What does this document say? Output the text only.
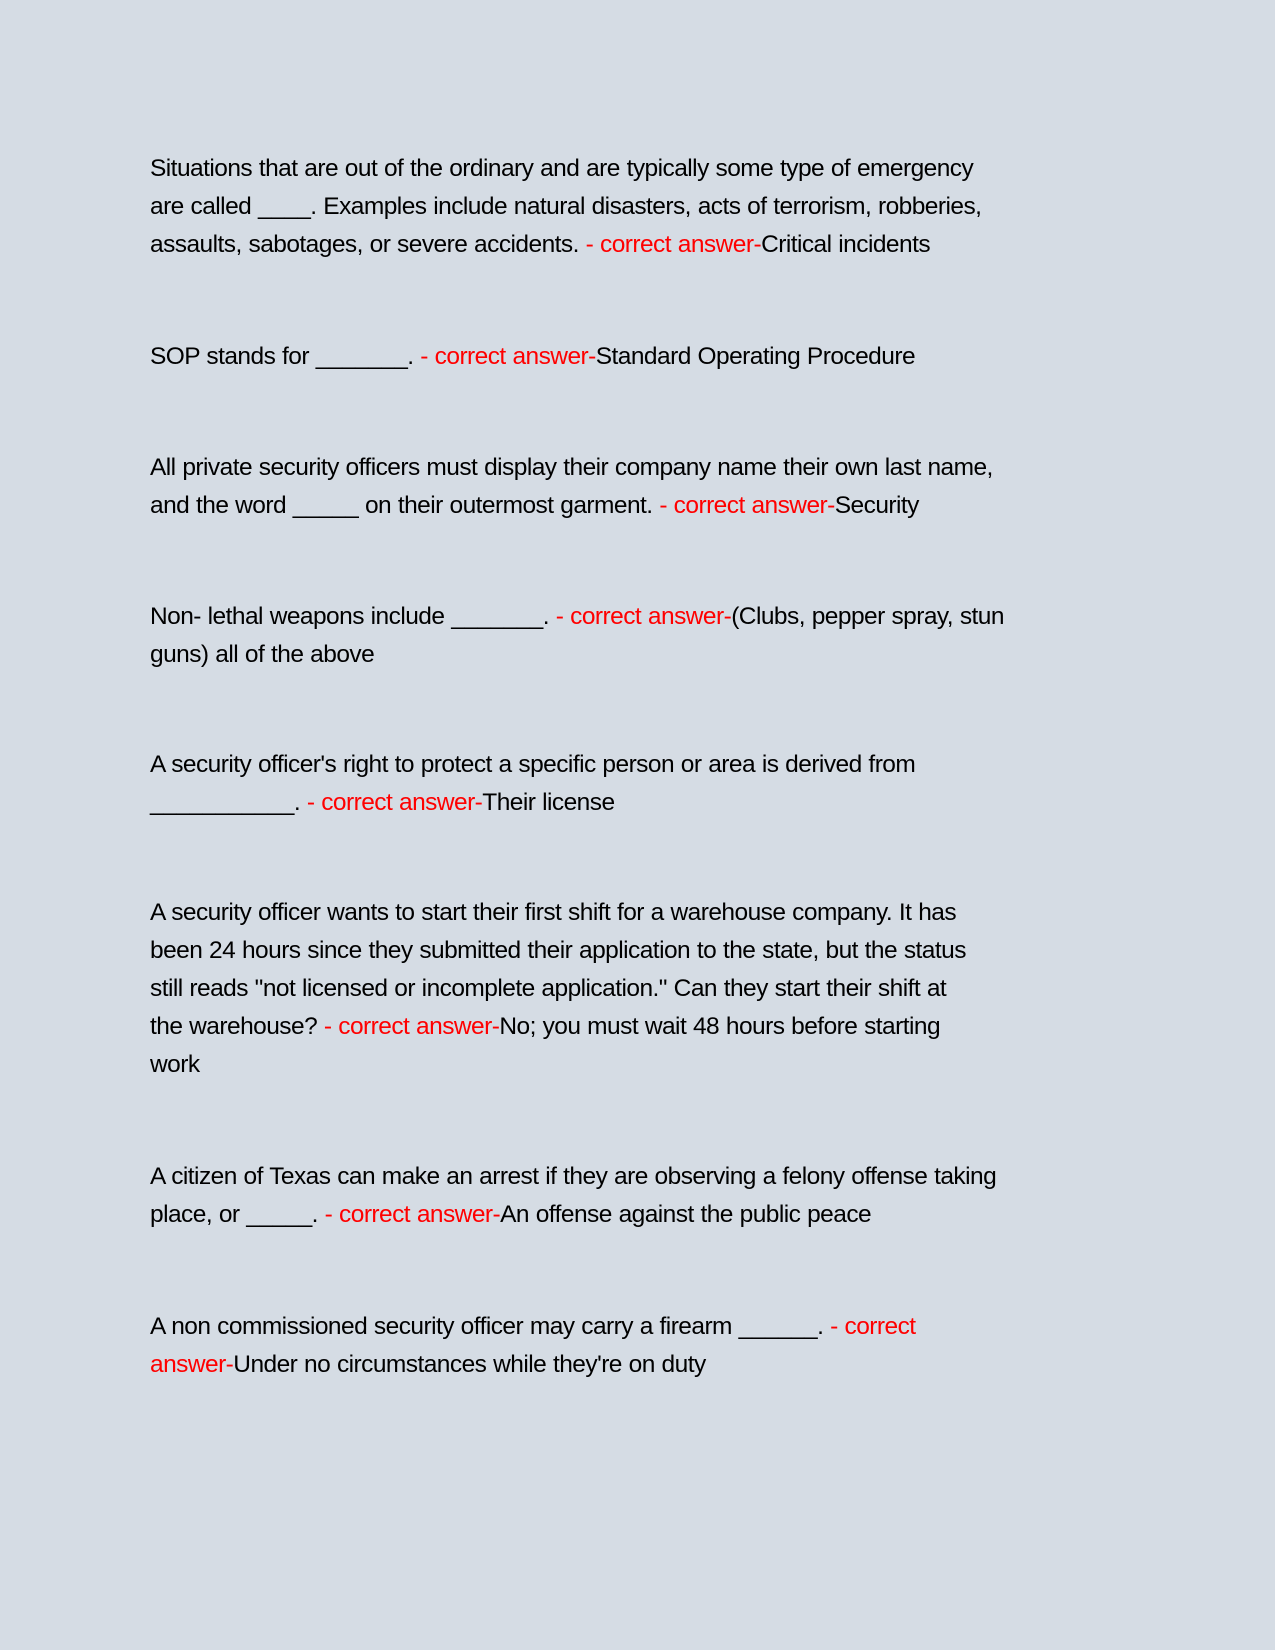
Situations that are out of the ordinary and are typically some type of emergency
are called ____. Examples include natural disasters, acts of terrorism, robberies,
assaults, sabotages, or severe accidents. - correct answer-Critical incidents
SOP stands for _______. - correct answer-Standard Operating Procedure
All private security officers must display their company name their own last name,
and the word _____ on their outermost garment. - correct answer-Security
Non- lethal weapons include _______. - correct answer-(Clubs, pepper spray, stun
guns) all of the above
A security officer's right to protect a specific person or area is derived from
___________. - correct answer-Their license
A security officer wants to start their first shift for a warehouse company. It has
been 24 hours since they submitted their application to the state, but the status
still reads "not licensed or incomplete application." Can they start their shift at
the warehouse? - correct answer-No; you must wait 48 hours before starting
work
A citizen of Texas can make an arrest if they are observing a felony offense taking
place, or _____. - correct answer-An offense against the public peace
A non commissioned security officer may carry a firearm ______. - correct
answer-Under no circumstances while they're on duty
